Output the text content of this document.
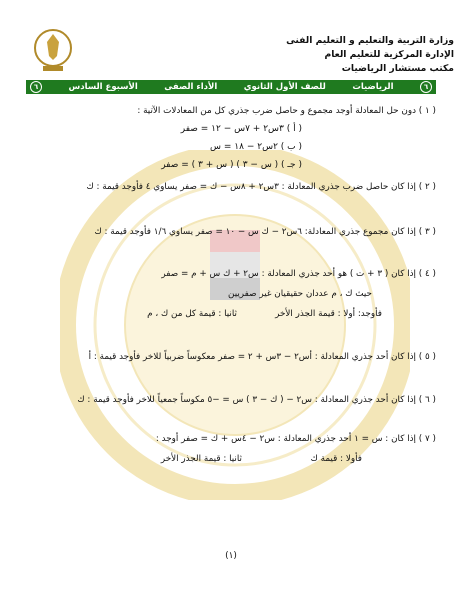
وزارة التربية والتعليم و التعليم الفنى
الإدارة المركزية للتعليم العام
مكتب مستشار الرياضيات
٦
الرياضيات
للصف الأول الثانوي
الأداء الصفى
الأسبوع السادس
٦
( ١ ) دون حل المعادلة أوجد مجموع و حاصل ضرب جذري كل من المعادلات الآتية :
( أ ) ٣س٢ + ٧س − ١٢ = صفر
( ب ) ٢س٢ − ١٨ = س
( جـ ) ( س − ٣ ) ( س + ٣ ) = صفر
( ٢ ) إذا كان حاصل ضرب جذري المعادلة : ٣س٢ + ٨س − ك = صفر يساوي ٤ فأوجد قيمة : ك
( ٣ ) إذا كان مجموع جذري المعادلة: ٦س٢ − ك س − ١٠ = صفر يساوي ١/٦ فأوجد قيمة : ك
( ٤ ) إذا كان ( ٣ + ت ) هو أحد جذري المعادلة : س٢ + ك س + م = صفر
حيث ك ، م عددان حقيقيان غير صفريين
فأوجد: أولا : قيمة الجذر الأخر
ثانيا : قيمة كل من ك ، م
( ٥ ) إذا كان أحد جذري المعادلة : أس٢ − ٣س + ٢ = صفر معكوساً ضربياً للاخر فأوجد قيمة : أ
( ٦ ) إذا كان أحد جذري المعادلة : س٢ − ( ك − ٣ ) س = −٥ مكوساً جمعياً للاخر فأوجد قيمة : ك
( ٧ ) إذا كان : س = ١ أحد جذري المعادلة : س٢ − ٤س + ك = صفر أوجد :
فأولا : قيمة ك
ثانيا : قيمة الجذر الأخر
(١)
